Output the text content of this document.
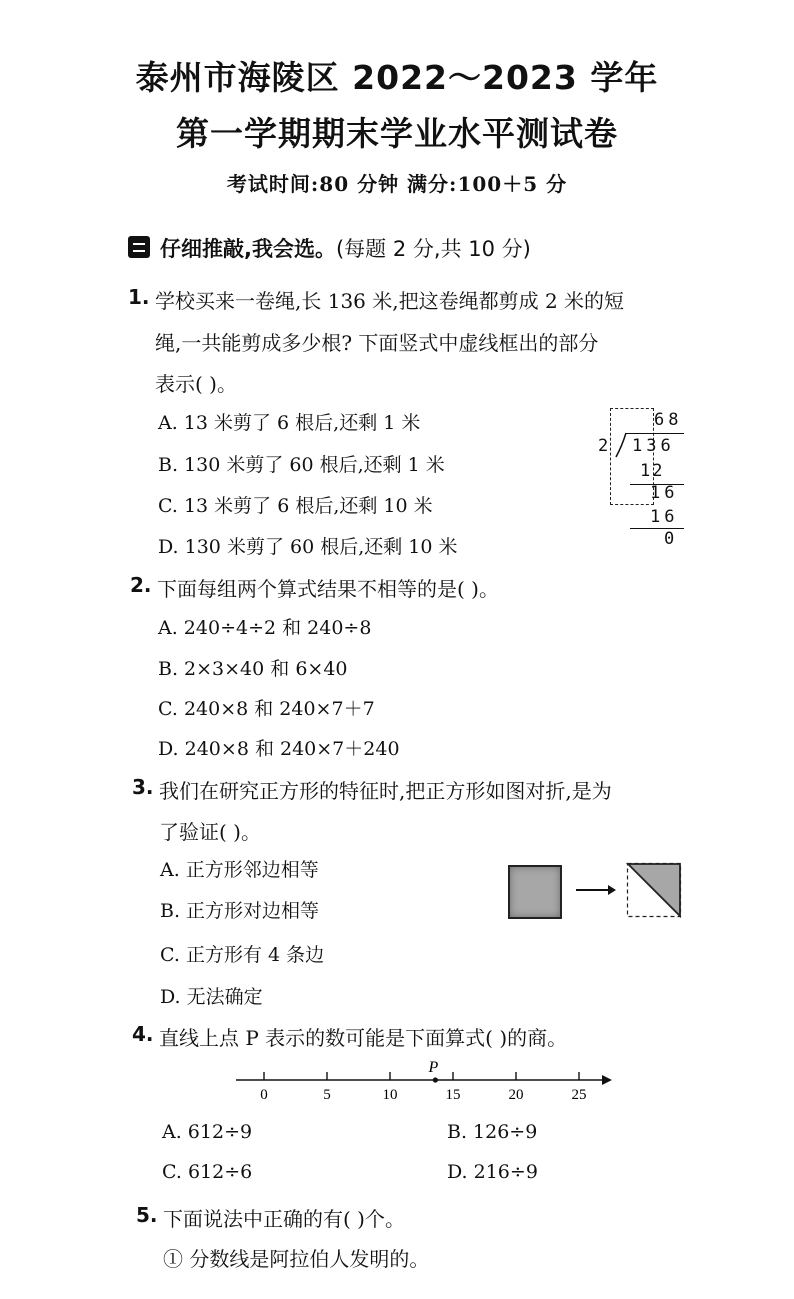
泰州市海陵区 2022～2023 学年
第一学期期末学业水平测试卷
考试时间:80 分钟 满分:100＋5 分
仔细推敲,我会选。(每题 2 分,共 10 分)
1. 学校买来一卷绳,长 136 米,把这卷绳都剪成 2 米的短
绳,一共能剪成多少根? 下面竖式中虚线框出的部分
表示( )。
A. 13 米剪了 6 根后,还剩 1 米
B. 130 米剪了 60 根后,还剩 1 米
C. 13 米剪了 6 根后,还剩 10 米
D. 130 米剪了 60 根后,还剩 10 米
68
2 136
12
16
16
0
2. 下面每组两个算式结果不相等的是( )。
A. 240÷4÷2 和 240÷8
B. 2×3×40 和 6×40
C. 240×8 和 240×7＋7
D. 240×8 和 240×7＋240
3. 我们在研究正方形的特征时,把正方形如图对折,是为
了验证( )。
A. 正方形邻边相等
B. 正方形对边相等
C. 正方形有 4 条边
D. 无法确定
4. 直线上点 P 表示的数可能是下面算式( )的商。
0	5	10	15	20	25
P
A. 612÷9	B. 126÷9
C. 612÷6	D. 216÷9
5. 下面说法中正确的有( )个。
① 分数线是阿拉伯人发明的。
